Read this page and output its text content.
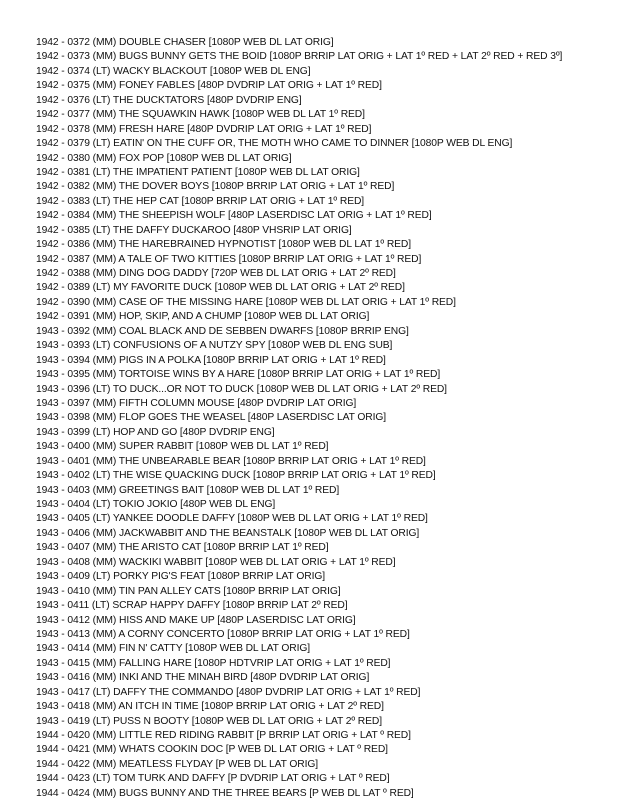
1942 - 0372 (MM) DOUBLE CHASER [1080P WEB DL LAT ORIG]
1942 - 0373 (MM) BUGS BUNNY GETS THE BOID [1080P BRRIP LAT ORIG + LAT 1º RED + LAT 2º RED + RED 3º]
1942 - 0374 (LT) WACKY BLACKOUT [1080P WEB DL ENG]
1942 - 0375 (MM) FONEY FABLES [480P DVDRIP LAT ORIG + LAT 1º RED]
1942 - 0376 (LT) THE DUCKTATORS [480P DVDRIP ENG]
1942 - 0377 (MM) THE SQUAWKIN HAWK [1080P WEB DL LAT 1º RED]
1942 - 0378 (MM) FRESH HARE [480P DVDRIP LAT ORIG + LAT 1º RED]
1942 - 0379 (LT) EATIN' ON THE CUFF OR, THE MOTH WHO CAME TO DINNER [1080P WEB DL ENG]
1942 - 0380 (MM) FOX POP [1080P WEB DL LAT ORIG]
1942 - 0381 (LT) THE IMPATIENT PATIENT [1080P WEB DL LAT ORIG]
1942 - 0382 (MM) THE DOVER BOYS [1080P BRRIP LAT ORIG + LAT 1º RED]
1942 - 0383 (LT) THE HEP CAT [1080P BRRIP LAT ORIG + LAT 1º RED]
1942 - 0384 (MM) THE SHEEPISH WOLF [480P LASERDISC LAT ORIG + LAT 1º RED]
1942 - 0385 (LT) THE DAFFY DUCKAROO [480P VHSRIP LAT ORIG]
1942 - 0386 (MM) THE HAREBRAINED HYPNOTIST [1080P WEB DL LAT 1º RED]
1942 - 0387 (MM) A TALE OF TWO KITTIES [1080P BRRIP LAT ORIG + LAT 1º RED]
1942 - 0388 (MM) DING DOG DADDY [720P WEB DL LAT ORIG + LAT 2º RED]
1942 - 0389 (LT) MY FAVORITE DUCK [1080P WEB DL LAT ORIG + LAT 2º RED]
1942 - 0390 (MM) CASE OF THE MISSING HARE [1080P WEB DL LAT ORIG + LAT 1º RED]
1942 - 0391 (MM) HOP, SKIP, AND A CHUMP [1080P WEB DL LAT ORIG]
1943 - 0392 (MM) COAL BLACK AND DE SEBBEN DWARFS [1080P BRRIP ENG]
1943 - 0393 (LT) CONFUSIONS OF A NUTZY SPY [1080P WEB DL ENG SUB]
1943 - 0394 (MM) PIGS IN A POLKA [1080P BRRIP LAT ORIG + LAT 1º RED]
1943 - 0395 (MM) TORTOISE WINS BY A HARE [1080P BRRIP LAT ORIG + LAT 1º RED]
1943 - 0396 (LT) TO DUCK...OR NOT TO DUCK [1080P WEB DL LAT ORIG + LAT 2º RED]
1943 - 0397 (MM) FIFTH COLUMN MOUSE [480P DVDRIP LAT ORIG]
1943 - 0398 (MM) FLOP GOES THE WEASEL [480P LASERDISC LAT ORIG]
1943 - 0399 (LT) HOP AND GO [480P DVDRIP ENG]
1943 - 0400 (MM) SUPER RABBIT [1080P WEB DL LAT 1º RED]
1943 - 0401 (MM) THE UNBEARABLE BEAR [1080P BRRIP LAT ORIG + LAT 1º RED]
1943 - 0402 (LT) THE WISE QUACKING DUCK [1080P BRRIP LAT ORIG + LAT 1º RED]
1943 - 0403 (MM) GREETINGS BAIT [1080P WEB DL LAT 1º RED]
1943 - 0404 (LT) TOKIO JOKIO [480P WEB DL ENG]
1943 - 0405 (LT) YANKEE DOODLE DAFFY [1080P WEB DL LAT ORIG + LAT 1º RED]
1943 - 0406 (MM) JACKWABBIT AND THE BEANSTALK [1080P WEB DL LAT ORIG]
1943 - 0407 (MM) THE ARISTO CAT [1080P BRRIP LAT 1º RED]
1943 - 0408 (MM) WACKIKI WABBIT [1080P WEB DL LAT ORIG + LAT 1º RED]
1943 - 0409 (LT) PORKY PIG'S FEAT [1080P BRRIP LAT ORIG]
1943 - 0410 (MM) TIN PAN ALLEY CATS [1080P BRRIP LAT ORIG]
1943 - 0411 (LT) SCRAP HAPPY DAFFY [1080P BRRIP LAT 2º RED]
1943 - 0412 (MM) HISS AND MAKE UP [480P LASERDISC LAT ORIG]
1943 - 0413 (MM) A CORNY CONCERTO [1080P BRRIP LAT ORIG + LAT 1º RED]
1943 - 0414 (MM) FIN N' CATTY [1080P WEB DL LAT ORIG]
1943 - 0415 (MM) FALLING HARE [1080P HDTVRIP LAT ORIG + LAT 1º RED]
1943 - 0416 (MM) INKI AND THE MINAH BIRD [480P DVDRIP LAT ORIG]
1943 - 0417 (LT) DAFFY THE COMMANDO [480P DVDRIP LAT ORIG + LAT 1º RED]
1943 - 0418 (MM) AN ITCH IN TIME [1080P BRRIP LAT ORIG + LAT 2º RED]
1943 - 0419 (LT) PUSS N BOOTY [1080P WEB DL LAT ORIG + LAT 2º RED]
1944 - 0420 (MM) LITTLE RED RIDING RABBIT [P BRRIP LAT ORIG + LAT º RED]
1944 - 0421 (MM) WHATS COOKIN DOC [P WEB DL LAT ORIG + LAT º RED]
1944 - 0422 (MM) MEATLESS FLYDAY [P WEB DL LAT ORIG]
1944 - 0423 (LT) TOM TURK AND DAFFY [P DVDRIP LAT ORIG + LAT º RED]
1944 - 0424 (MM) BUGS BUNNY AND THE THREE BEARS [P WEB DL LAT º RED]
